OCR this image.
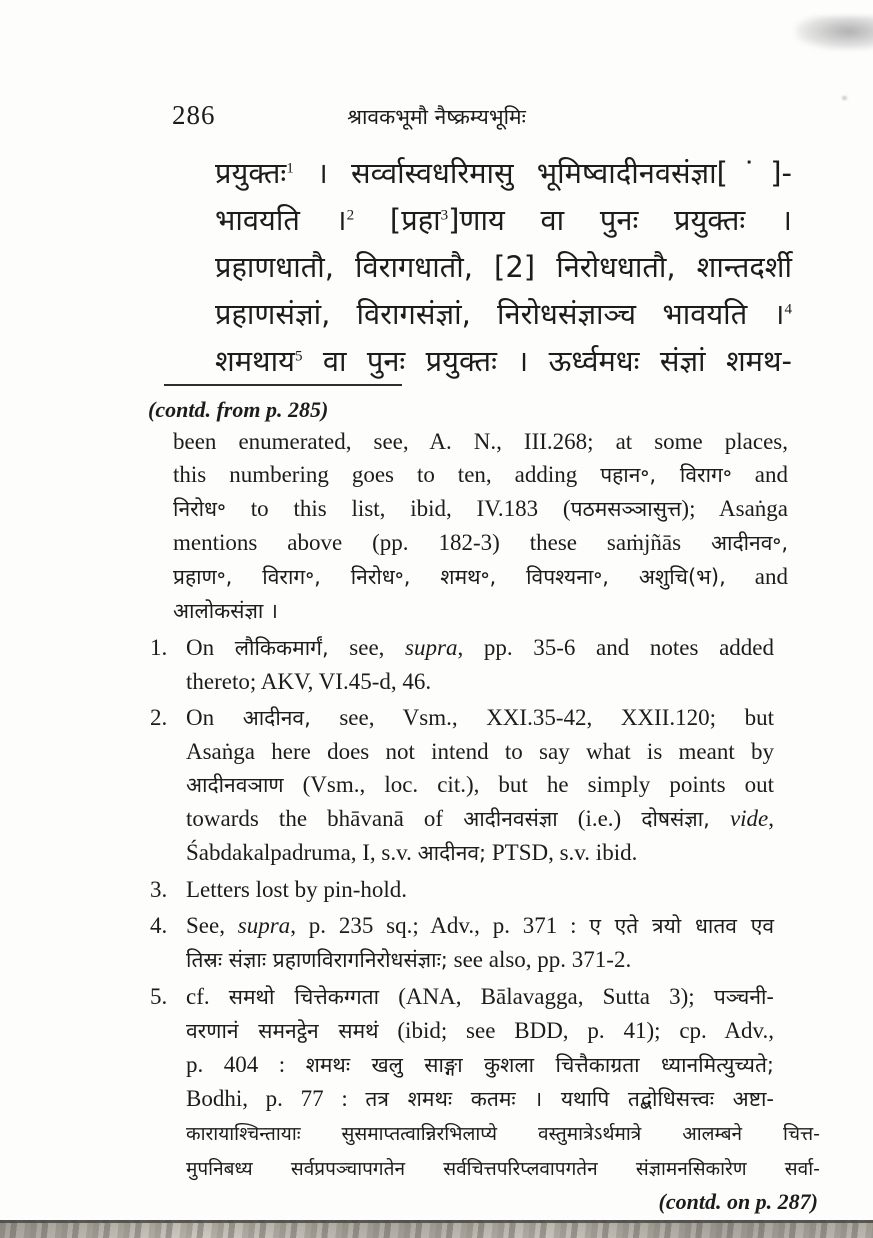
286	श्रावकभूमौ नैष्क्रम्यभूमिः
प्रयुक्तः$^1$ । सर्व्वास्वधरिमासु भूमिष्वादीनवसंज्ञा[˙]-
भावयति ।$^2$ [प्रहा$^3$]णाय वा पुनः प्रयुक्तः ।
प्रहाणधातौ, विरागधातौ, [2] निरोधधातौ, शान्तदर्शी
प्रहाणसंज्ञां, विरागसंज्ञां, निरोधसंज्ञाञ्च भावयति ।$^4$
शमथाय$^5$ वा पुनः प्रयुक्तः । ऊर्ध्वमधः संज्ञां शमथ-
(contd. from p. 285)
been enumerated, see, A. N., III.268; at some places,
this numbering goes to ten, adding पहान॰, विराग॰ and
निरोध॰ to this list, ibid, IV.183 (पठमसञ्ञासुत्त); Asaṅga
mentions above (pp. 182-3) these saṁjñās आदीनव॰,
प्रहाण॰, विराग॰, निरोध॰, शमथ॰, विपश्यना॰, अशुचि(भ), and
आलोकसंज्ञा ।
1. On लौकिकमार्गं, see, supra, pp. 35-6 and notes added
thereto; AKV, VI.45-d, 46.
2. On आदीनव, see, Vsm., XXI.35-42, XXII.120; but
Asaṅga here does not intend to say what is meant by
आदीनवञाण (Vsm., loc. cit.), but he simply points out
towards the bhāvanā of आदीनवसंज्ञा (i.e.) दोषसंज्ञा, vide,
Śabdakalpadruma, I, s.v. आदीनव; PTSD, s.v. ibid.
3. Letters lost by pin-hold.
4. See, supra, p. 235 sq.; Adv., p. 371 : ए एते त्रयो धातव एव
तिस्रः संज्ञाः प्रहाणविरागनिरोधसंज्ञाः; see also, pp. 371-2.
5. cf. समथो चित्तेकग्गता (ANA, Bālavagga, Sutta 3); पञ्चनी-
वरणानं समनट्ठेन समथं (ibid; see BDD, p. 41); cp. Adv.,
p. 404 : शमथः खलु साङ्गा कुशला चित्तैकाग्रता ध्यानमित्युच्यते;
Bodhi, p. 77 : तत्र शमथः कतमः । यथापि तद्बोधिसत्त्वः अष्टा-
कारायाश्चिन्तायाः सुसमाप्तत्वान्निरभिलाप्ये वस्तुमात्रेऽर्थमात्रे आलम्बने चित्त-
मुपनिबध्य सर्वप्रपञ्चापगतेन सर्वचित्तपरिप्लवापगतेन संज्ञामनसिकारेण सर्वा-
(contd. on p. 287)
